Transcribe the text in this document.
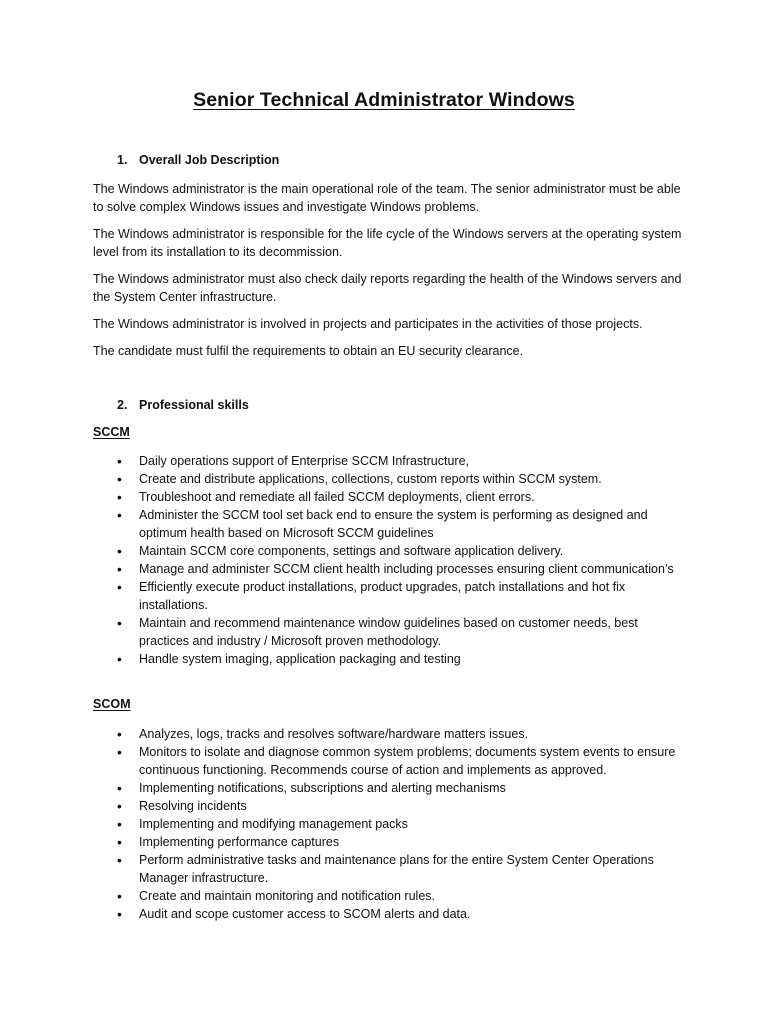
Senior Technical Administrator Windows
1. Overall Job Description
The Windows administrator is the main operational role of the team. The senior administrator must be able to solve complex Windows issues and investigate Windows problems.
The Windows administrator is responsible for the life cycle of the Windows servers at the operating system level from its installation to its decommission.
The Windows administrator must also check daily reports regarding the health of the Windows servers and the System Center infrastructure.
The Windows administrator is involved in projects and participates in the activities of those projects.
The candidate must fulfil the requirements to obtain an EU security clearance.
2. Professional skills
SCCM
• Daily operations support of Enterprise SCCM Infrastructure,
• Create and distribute applications, collections, custom reports within SCCM system.
• Troubleshoot and remediate all failed SCCM deployments, client errors.
• Administer the SCCM tool set back end to ensure the system is performing as designed and optimum health based on Microsoft SCCM guidelines
• Maintain SCCM core components, settings and software application delivery.
• Manage and administer SCCM client health including processes ensuring client communication’s
• Efficiently execute product installations, product upgrades, patch installations and hot fix installations.
• Maintain and recommend maintenance window guidelines based on customer needs, best practices and industry / Microsoft proven methodology.
• Handle system imaging, application packaging and testing
SCOM
• Analyzes, logs, tracks and resolves software/hardware matters issues.
• Monitors to isolate and diagnose common system problems; documents system events to ensure continuous functioning. Recommends course of action and implements as approved.
• Implementing notifications, subscriptions and alerting mechanisms
• Resolving incidents
• Implementing and modifying management packs
• Implementing performance captures
• Perform administrative tasks and maintenance plans for the entire System Center Operations Manager infrastructure.
• Create and maintain monitoring and notification rules.
• Audit and scope customer access to SCOM alerts and data.
